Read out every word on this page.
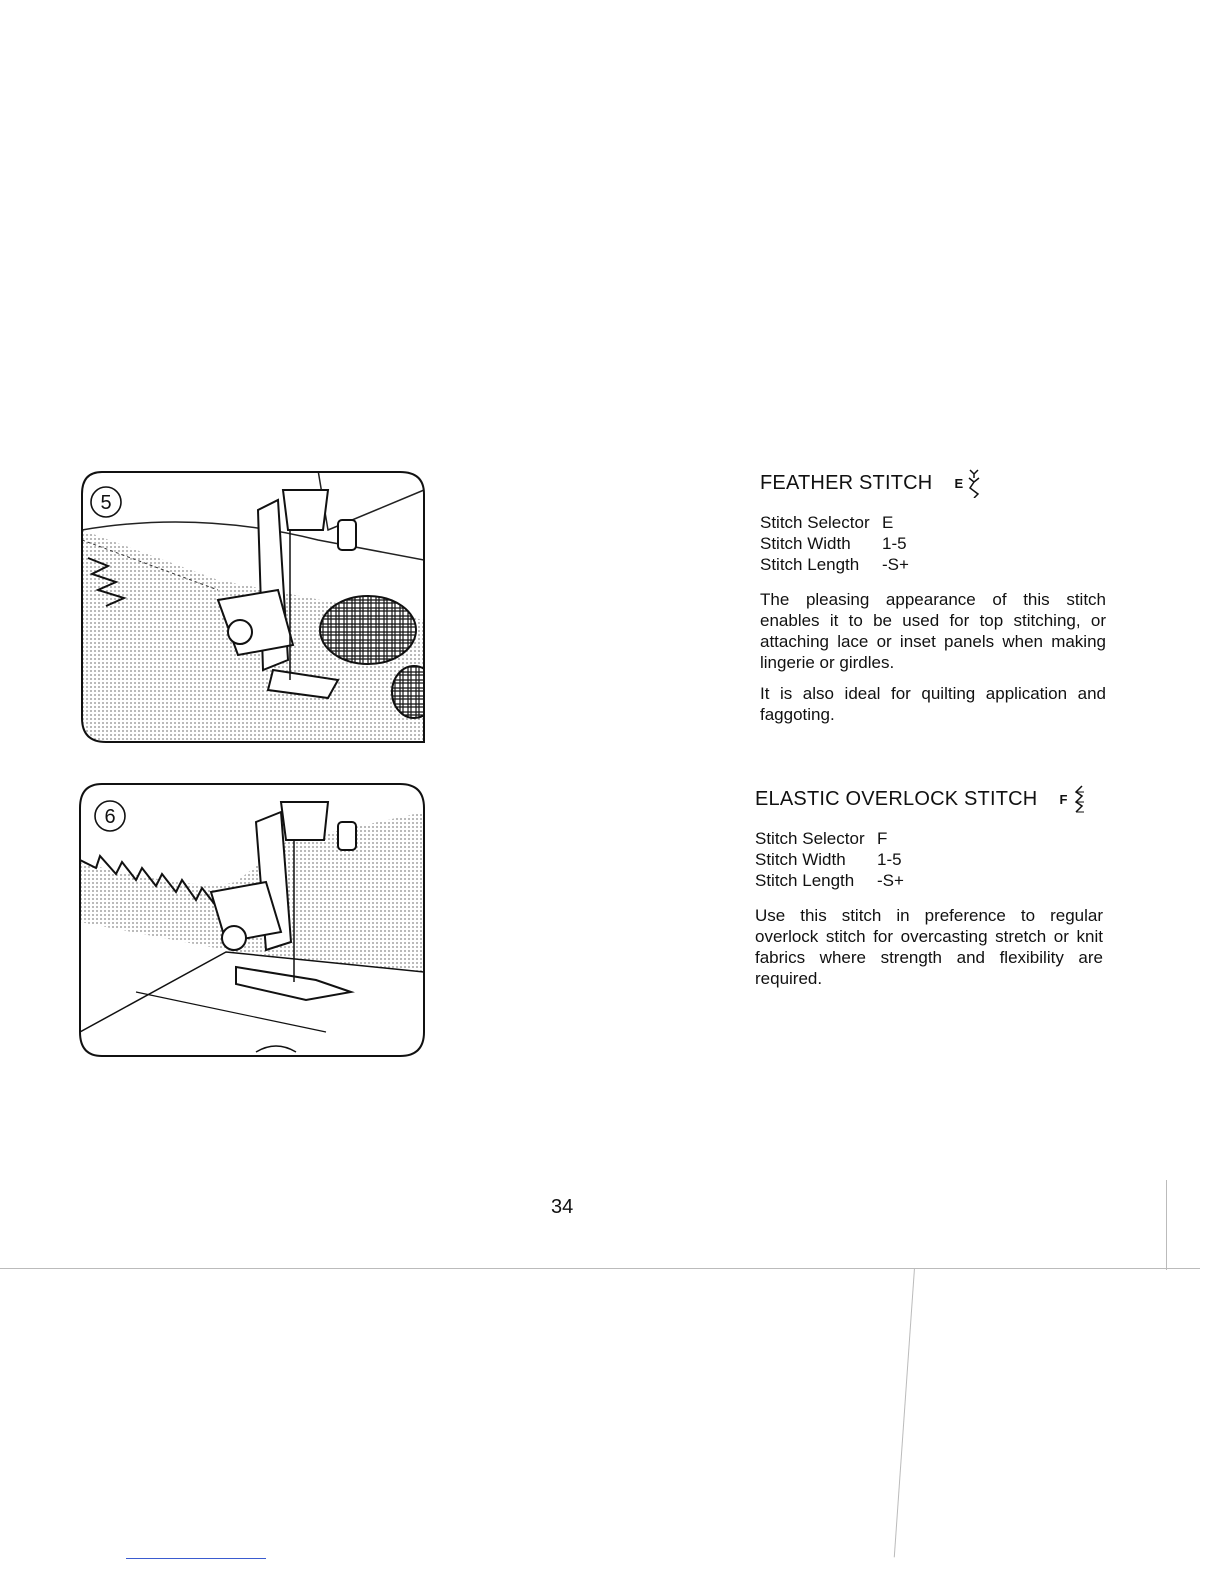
5
6
FEATHER STITCH E
Stitch Selector E
Stitch Width	1-5
Stitch Length	-S+

The pleasing appearance of this stitch enables it to be used for top stitching, or attaching lace or inset panels when making lingerie or girdles.

It is also ideal for quilting application and faggoting.

ELASTIC OVERLOCK STITCH F
Stitch Selector F
Stitch Width	1-5
Stitch Length	-S+

Use this stitch in preference to regular overlock stitch for overcasting stretch or knit fabrics where strength and flexibility are required.

34
